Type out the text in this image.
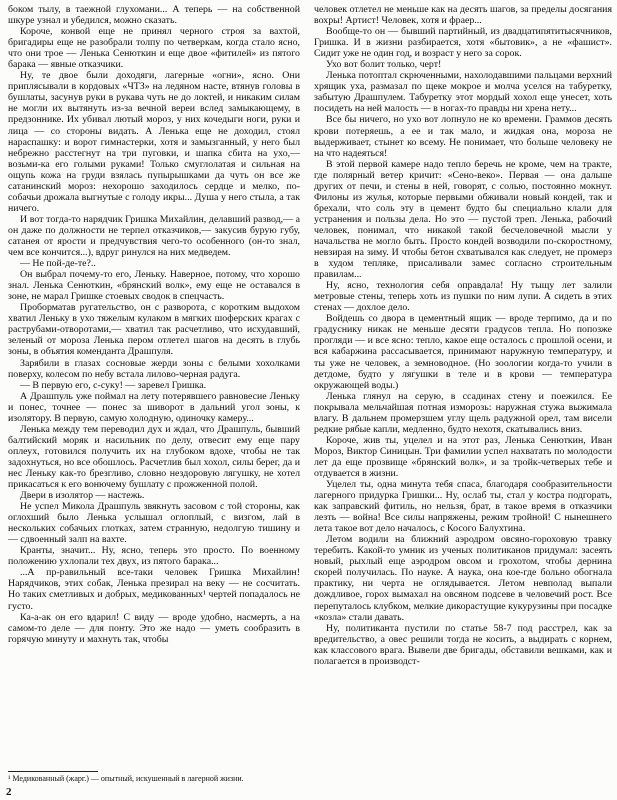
боком тылу, в таежной глухомани... А теперь — на собственной шкуре узнал и убедился, можно сказать.

Короче, конвой еще не принял черного строя за вахтой, бригадиры еще не разобрали толпу по четверкам, когда стало ясно, что они трое — Ленька Сенюткин и еще двое «фитилей» из пятого барака — явные отказчики.

Ну, те двое были доходяги, лагерные «огни», ясно. Они приплясывали в кордовых «ЧТЗ» на ледяном насте, втянув головы в бушлаты, засунув руки в рукава чуть не до локтей, и никаким силам не могли их вытянуть из-за вечной вереи вслед замыкающему, в предзоннике. Их убивал лютый мороз, у них кочедыги ноги, руки и лица — со стороны видать. А Ленька еще не доходил, стоял нараспашку: и ворот гимнастерки, хотя и замызганный, у него был небрежно расстегнут на три пуговки, и шапка сбита на ухо,— возьми-ка его голыми руками! Только смуглолатая и сильная на ощупь кожа на груди взялась пупырышками да чуть он все же сатанинский мороз: нехорошо заходилось сердце и мелко, по-собачьи дрожала выгнутые с голоду икры... Душа у него стыла, а так ничего.

И вот тогда-то нарядчик Гришка Михайлин, делавший развод,— а он даже по должности не терпел отказчиков,— закусив бурую губу, сатанея от ярости и предчувствия чего-то особенного (он-то знал, чем все кончится...), вдруг ринулся на них медведем.

— Не пой-де-те?..

Он выбрал почему-то его, Леньку. Наверное, потому, что хорошо знал. Ленька Сенюткин, «брянский волк», ему еще не оставался в зоне, не марал Гришке стоевых сводок в спецчасть.

Проборматав ругательство, он с разворота, с коротким выдохом хватил Леньку в ухо тяжелым кулаком в мягких шоферских крагах с раструбами-отворотами,— хватил так расчетливо, что исхудавший, зеленый от мороза Ленька пером отлетел шагов на десять в глубь зоны, в объятия коменданта Драшпуля.

Зарябили в глазах сосновые жерди зоны с белыми хохолками поверху, колесом по небу встала лилово-черная радуга.

— В первую его, с-суку! — заревел Гришка.

А Драшпуль уже поймал на лету потерявшего равновесие Леньку и понес, точнее — понес за шиворот в дальний угол зоны, к изолятору. В первую, самую холодную, одиночку камеру...

Ленька между тем переводил дух и ждал, что Драшпуль, бывший балтийский моряк и насильник по делу, отвесит ему еще пару оплеух, готовился получить их на глубоком вдохе, чтобы не так задохнуться, но все обошлось. Расчетлив был хохол, силы берег, да и нес Леньку как-то брезгливо, словно нездоровую лягушку, не хотел прикасаться к его вонючему бушлату с прожженной полой.

Двери в изолятор — настежь.

Не успел Микола Драшпуль звякнуть засовом с той стороны, как оглохший было Ленька услышал оглоплый, с визгом, лай в нескольких собачьих глотках, затем странную, недолгую тишину и — сдвоенный залп на вахте.

Кранты, значит... Ну, ясно, теперь это просто. По военному положению ухлопали тех двух, из пятого барака...

...А пр-равильный все-таки человек Гришка Михайлин! Нарядчиков, этих собак, Ленька презирал на веку — не сосчитать. Но таких сметливых и добрых, медикованных¹ чертей попадалось не густо.

Ка-а-ак он его вдарил! С виду — вроде удобно, насмерть, а на самом-то деле — для понту. Это же надо — уметь сообразить в горячую минуту и махнуть так, чтобы

человек отлетел не меньше как на десять шагов, за пределы досягания вохры! Артист! Человек, хотя и фраер...

Вообще-то он — бывший партийный, из двадцатипятитысячников, Гришка. И в жизни разбирается, хотя «бытовик», а не «фашист». Сидит уже не один год, и возраст у него за сорок.

Ухо вот болит только, черт!

Ленька потоптал скрюченными, нахолодавшими пальцами верхний хрящик уха, размазал по щеке мокрое и молча уселся на табуретку, забытую Драшпулем. Табуретку этот мордый хохол еще унесет, хоть посидеть на ней малость — в ногах-то правды ни хрена нету...

Все бы ничего, но ухо вот лопнуло не ко времени. Граммов десять крови потеряешь, а ее и так мало, и жидкая она, мороза не выдерживает, стынет ко всему. Не понимает, что больше человеку не на что надеяться!

В этой первой камере надо тепло беречь не кроме, чем на тракте, где полярный ветер кричит: «Сено-веко». Первая — она дальше других от печи, и стены в ней, говорят, с солью, постоянно мокнут. Филоны из жулья, которые первыми обживали новый кондей, так и брехали, что соль эту в цемент будто бы специально клали для устранения и пользы дела. Но это — пустой треп. Ленька, рабочий человек, понимал, что никакой такой бесчеловечной мысли у начальства не могло быть. Просто кондей возводили по-скоростному, невзирая на зиму. И чтобы бетон схватывался как следует, не промерз в худом тепляке, присаливали замес согласно строительным правилам...

Ну, ясно, технология себя оправдала! Ну тыщу лет залили метровые стены, теперь хоть из пушки по ним лупи. А сидеть в этих стенах — дохлое дело.

Войдешь со двора в цементный ящик — вроде терпимо, да и по градуснику никак не меньше десяти градусов тепла. Но попозже прогляди — и все ясно: тепло, какое еще осталось с прошлой осени, и вся кабаржина рассасывается, принимают наружную температуру, и ты уже не человек, а земноводное. (Но зоологии когда-то учили в детдоме, будто у лягушки в теле и в крови — температура окружающей воды.)

Ленька глянул на серую, в ссадинах стену и поежился. Ее покрывала мельчайшая потная изморозь: наружная стужа выжимала влагу. В дальнем промерзшем углу щель радужной орел, там висели редкие рябые капли, медленно, будто нехотя, скатывались вниз.

Короче, жив ты, уцелел и на этот раз, Ленька Сенюткин, Иван Мороз, Виктор Синицын. Три фамилии успел нахватать по молодости лет да еще прозвище «брянский волк», и за тройк-четверых тебе и отдувается в жизни.

Уцелел ты, одна минута тебя спаса, благодаря сообразительности лагерного придурка Гришки... Ну, ослаб ты, стал у костра подгорать, как заправский фитиль, но нельзя, брат, в такое время в отказчики лезть — война! Все силы напряжены, режим тройной! С нынешнего лета такое вот дело началось, с Косого Балухтина.

Летом водили на ближний аэродром овсяно-гороховую травку теребить. Какой-то умник из ученых политиканов придумал: засеять новый, рыхлый еще аэродром овсом и грохотом, чтобы дернина скорей получилась. По науке. А наука, она кое-где больно обогнала практику, ни черта не оглядывается. Летом невполад выпали дождливое, горох вымахал на овсяном подсеве в человечий рост. Все перепуталось клубком, мелкие дикорастущие кукурузины при посадке «козла» стали давать.

Ну, политиканта пустили по статье 58-7 под расстрел, как за вредительство, а овес решили тогда не косить, а выдирать с корнем, как классового врага. Вывели две бригады, обставили вешками, как и полагается в производст-

¹ Медикованный (жарг.) — опытный, искушенный в лагерной жизни.
2
